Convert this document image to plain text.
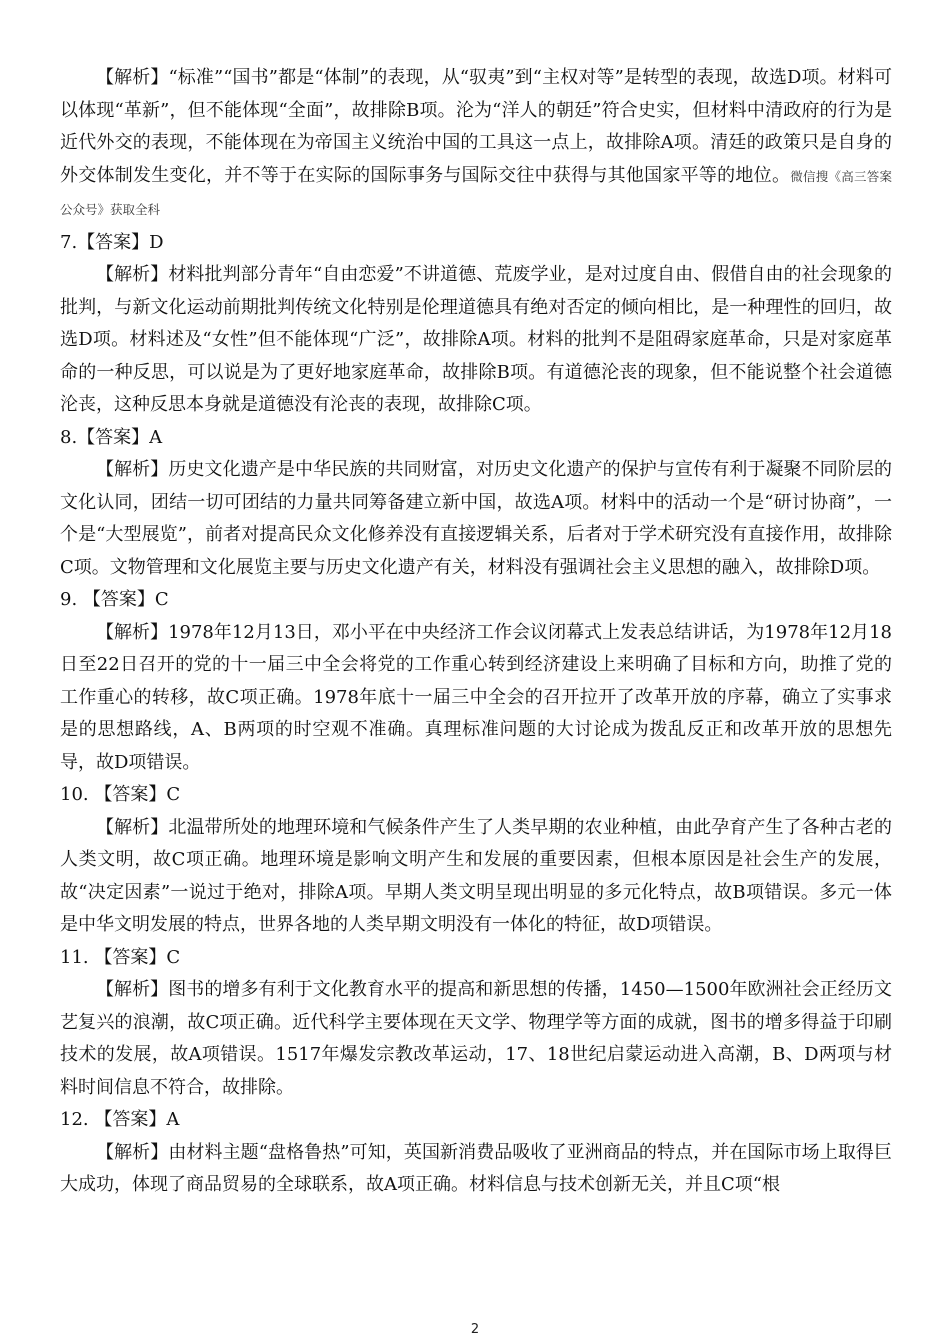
【解析】“标准”“国书”都是“体制”的表现，从“驭夷”到“主权对等”是转型的表现，故选D项。材料可以体现“革新”，但不能体现“全面”，故排除B项。沦为“洋人的朝廷”符合史实，但材料中清政府的行为是近代外交的表现，不能体现在为帝国主义统治中国的工具这一点上，故排除A项。清廷的政策只是自身的外交体制发生变化，并不等于在实际的国际事务与国际交往中获得与其他国家平等的地位。微信搜《高三答案公众号》获取全科

7.【答案】D

【解析】材料批判部分青年“自由恋爱”不讲道德、荒废学业，是对过度自由、假借自由的社会现象的批判，与新文化运动前期批判传统文化特别是伦理道德具有绝对否定的倾向相比，是一种理性的回归，故选D项。材料述及“女性”但不能体现“广泛”，故排除A项。材料的批判不是阻碍家庭革命，只是对家庭革命的一种反思，可以说是为了更好地家庭革命，故排除B项。有道德沦丧的现象，但不能说整个社会道德沦丧，这种反思本身就是道德没有沦丧的表现，故排除C项。

8.【答案】A

【解析】历史文化遗产是中华民族的共同财富，对历史文化遗产的保护与宣传有利于凝聚不同阶层的文化认同，团结一切可团结的力量共同筹备建立新中国，故选A项。材料中的活动一个是“研讨协商”，一个是“大型展览”，前者对提高民众文化修养没有直接逻辑关系，后者对于学术研究没有直接作用，故排除C项。文物管理和文化展览主要与历史文化遗产有关，材料没有强调社会主义思想的融入，故排除D项。

9. 【答案】C

【解析】1978年12月13日，邓小平在中央经济工作会议闭幕式上发表总结讲话，为1978年12月18日至22日召开的党的十一届三中全会将党的工作重心转到经济建设上来明确了目标和方向，助推了党的工作重心的转移，故C项正确。1978年底十一届三中全会的召开拉开了改革开放的序幕，确立了实事求是的思想路线，A、B两项的时空观不准确。真理标准问题的大讨论成为拨乱反正和改革开放的思想先导，故D项错误。

10. 【答案】C

【解析】北温带所处的地理环境和气候条件产生了人类早期的农业种植，由此孕育产生了各种古老的人类文明，故C项正确。地理环境是影响文明产生和发展的重要因素，但根本原因是社会生产的发展，故“决定因素”一说过于绝对，排除A项。早期人类文明呈现出明显的多元化特点，故B项错误。多元一体是中华文明发展的特点，世界各地的人类早期文明没有一体化的特征，故D项错误。

11. 【答案】C

【解析】图书的增多有利于文化教育水平的提高和新思想的传播，1450—1500年欧洲社会正经历文艺复兴的浪潮，故C项正确。近代科学主要体现在天文学、物理学等方面的成就，图书的增多得益于印刷技术的发展，故A项错误。1517年爆发宗教改革运动，17、18世纪启蒙运动进入高潮，B、D两项与材料时间信息不符合，故排除。

12. 【答案】A

【解析】由材料主题“盘格鲁热”可知，英国新消费品吸收了亚洲商品的特点，并在国际市场上取得巨大成功，体现了商品贸易的全球联系，故A项正确。材料信息与技术创新无关，并且C项“根

2
